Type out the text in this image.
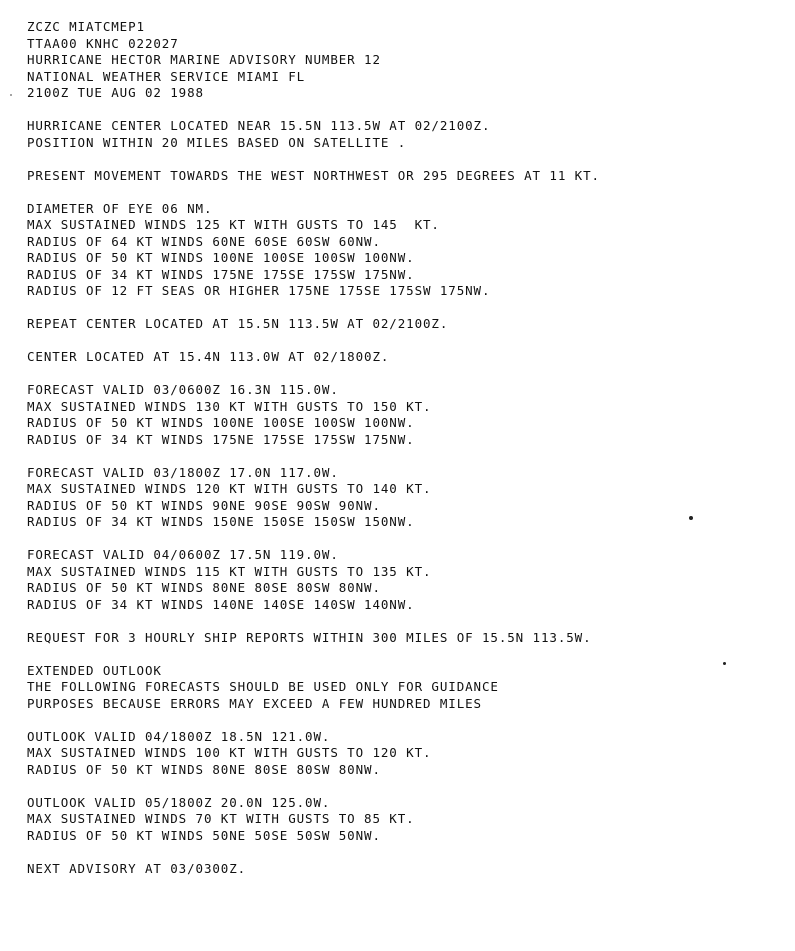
ZCZC MIATCMEP1
TTAA00 KNHC 022027
HURRICANE HECTOR MARINE ADVISORY NUMBER 12
NATIONAL WEATHER SERVICE MIAMI FL
2100Z TUE AUG 02 1988
HURRICANE CENTER LOCATED NEAR 15.5N 113.5W AT 02/2100Z.
POSITION WITHIN 20 MILES BASED ON SATELLITE .
PRESENT MOVEMENT TOWARDS THE WEST NORTHWEST OR 295 DEGREES AT 11 KT.
DIAMETER OF EYE 06 NM.
MAX SUSTAINED WINDS 125 KT WITH GUSTS TO 145  KT.
RADIUS OF 64 KT WINDS 60NE 60SE 60SW 60NW.
RADIUS OF 50 KT WINDS 100NE 100SE 100SW 100NW.
RADIUS OF 34 KT WINDS 175NE 175SE 175SW 175NW.
RADIUS OF 12 FT SEAS OR HIGHER 175NE 175SE 175SW 175NW.
REPEAT CENTER LOCATED AT 15.5N 113.5W AT 02/2100Z.
CENTER LOCATED AT 15.4N 113.0W AT 02/1800Z.
FORECAST VALID 03/0600Z 16.3N 115.0W.
MAX SUSTAINED WINDS 130 KT WITH GUSTS TO 150 KT.
RADIUS OF 50 KT WINDS 100NE 100SE 100SW 100NW.
RADIUS OF 34 KT WINDS 175NE 175SE 175SW 175NW.
FORECAST VALID 03/1800Z 17.0N 117.0W.
MAX SUSTAINED WINDS 120 KT WITH GUSTS TO 140 KT.
RADIUS OF 50 KT WINDS 90NE 90SE 90SW 90NW.
RADIUS OF 34 KT WINDS 150NE 150SE 150SW 150NW.
FORECAST VALID 04/0600Z 17.5N 119.0W.
MAX SUSTAINED WINDS 115 KT WITH GUSTS TO 135 KT.
RADIUS OF 50 KT WINDS 80NE 80SE 80SW 80NW.
RADIUS OF 34 KT WINDS 140NE 140SE 140SW 140NW.
REQUEST FOR 3 HOURLY SHIP REPORTS WITHIN 300 MILES OF 15.5N 113.5W.
EXTENDED OUTLOOK
THE FOLLOWING FORECASTS SHOULD BE USED ONLY FOR GUIDANCE
PURPOSES BECAUSE ERRORS MAY EXCEED A FEW HUNDRED MILES
OUTLOOK VALID 04/1800Z 18.5N 121.0W.
MAX SUSTAINED WINDS 100 KT WITH GUSTS TO 120 KT.
RADIUS OF 50 KT WINDS 80NE 80SE 80SW 80NW.
OUTLOOK VALID 05/1800Z 20.0N 125.0W.
MAX SUSTAINED WINDS 70 KT WITH GUSTS TO 85 KT.
RADIUS OF 50 KT WINDS 50NE 50SE 50SW 50NW.
NEXT ADVISORY AT 03/0300Z.
